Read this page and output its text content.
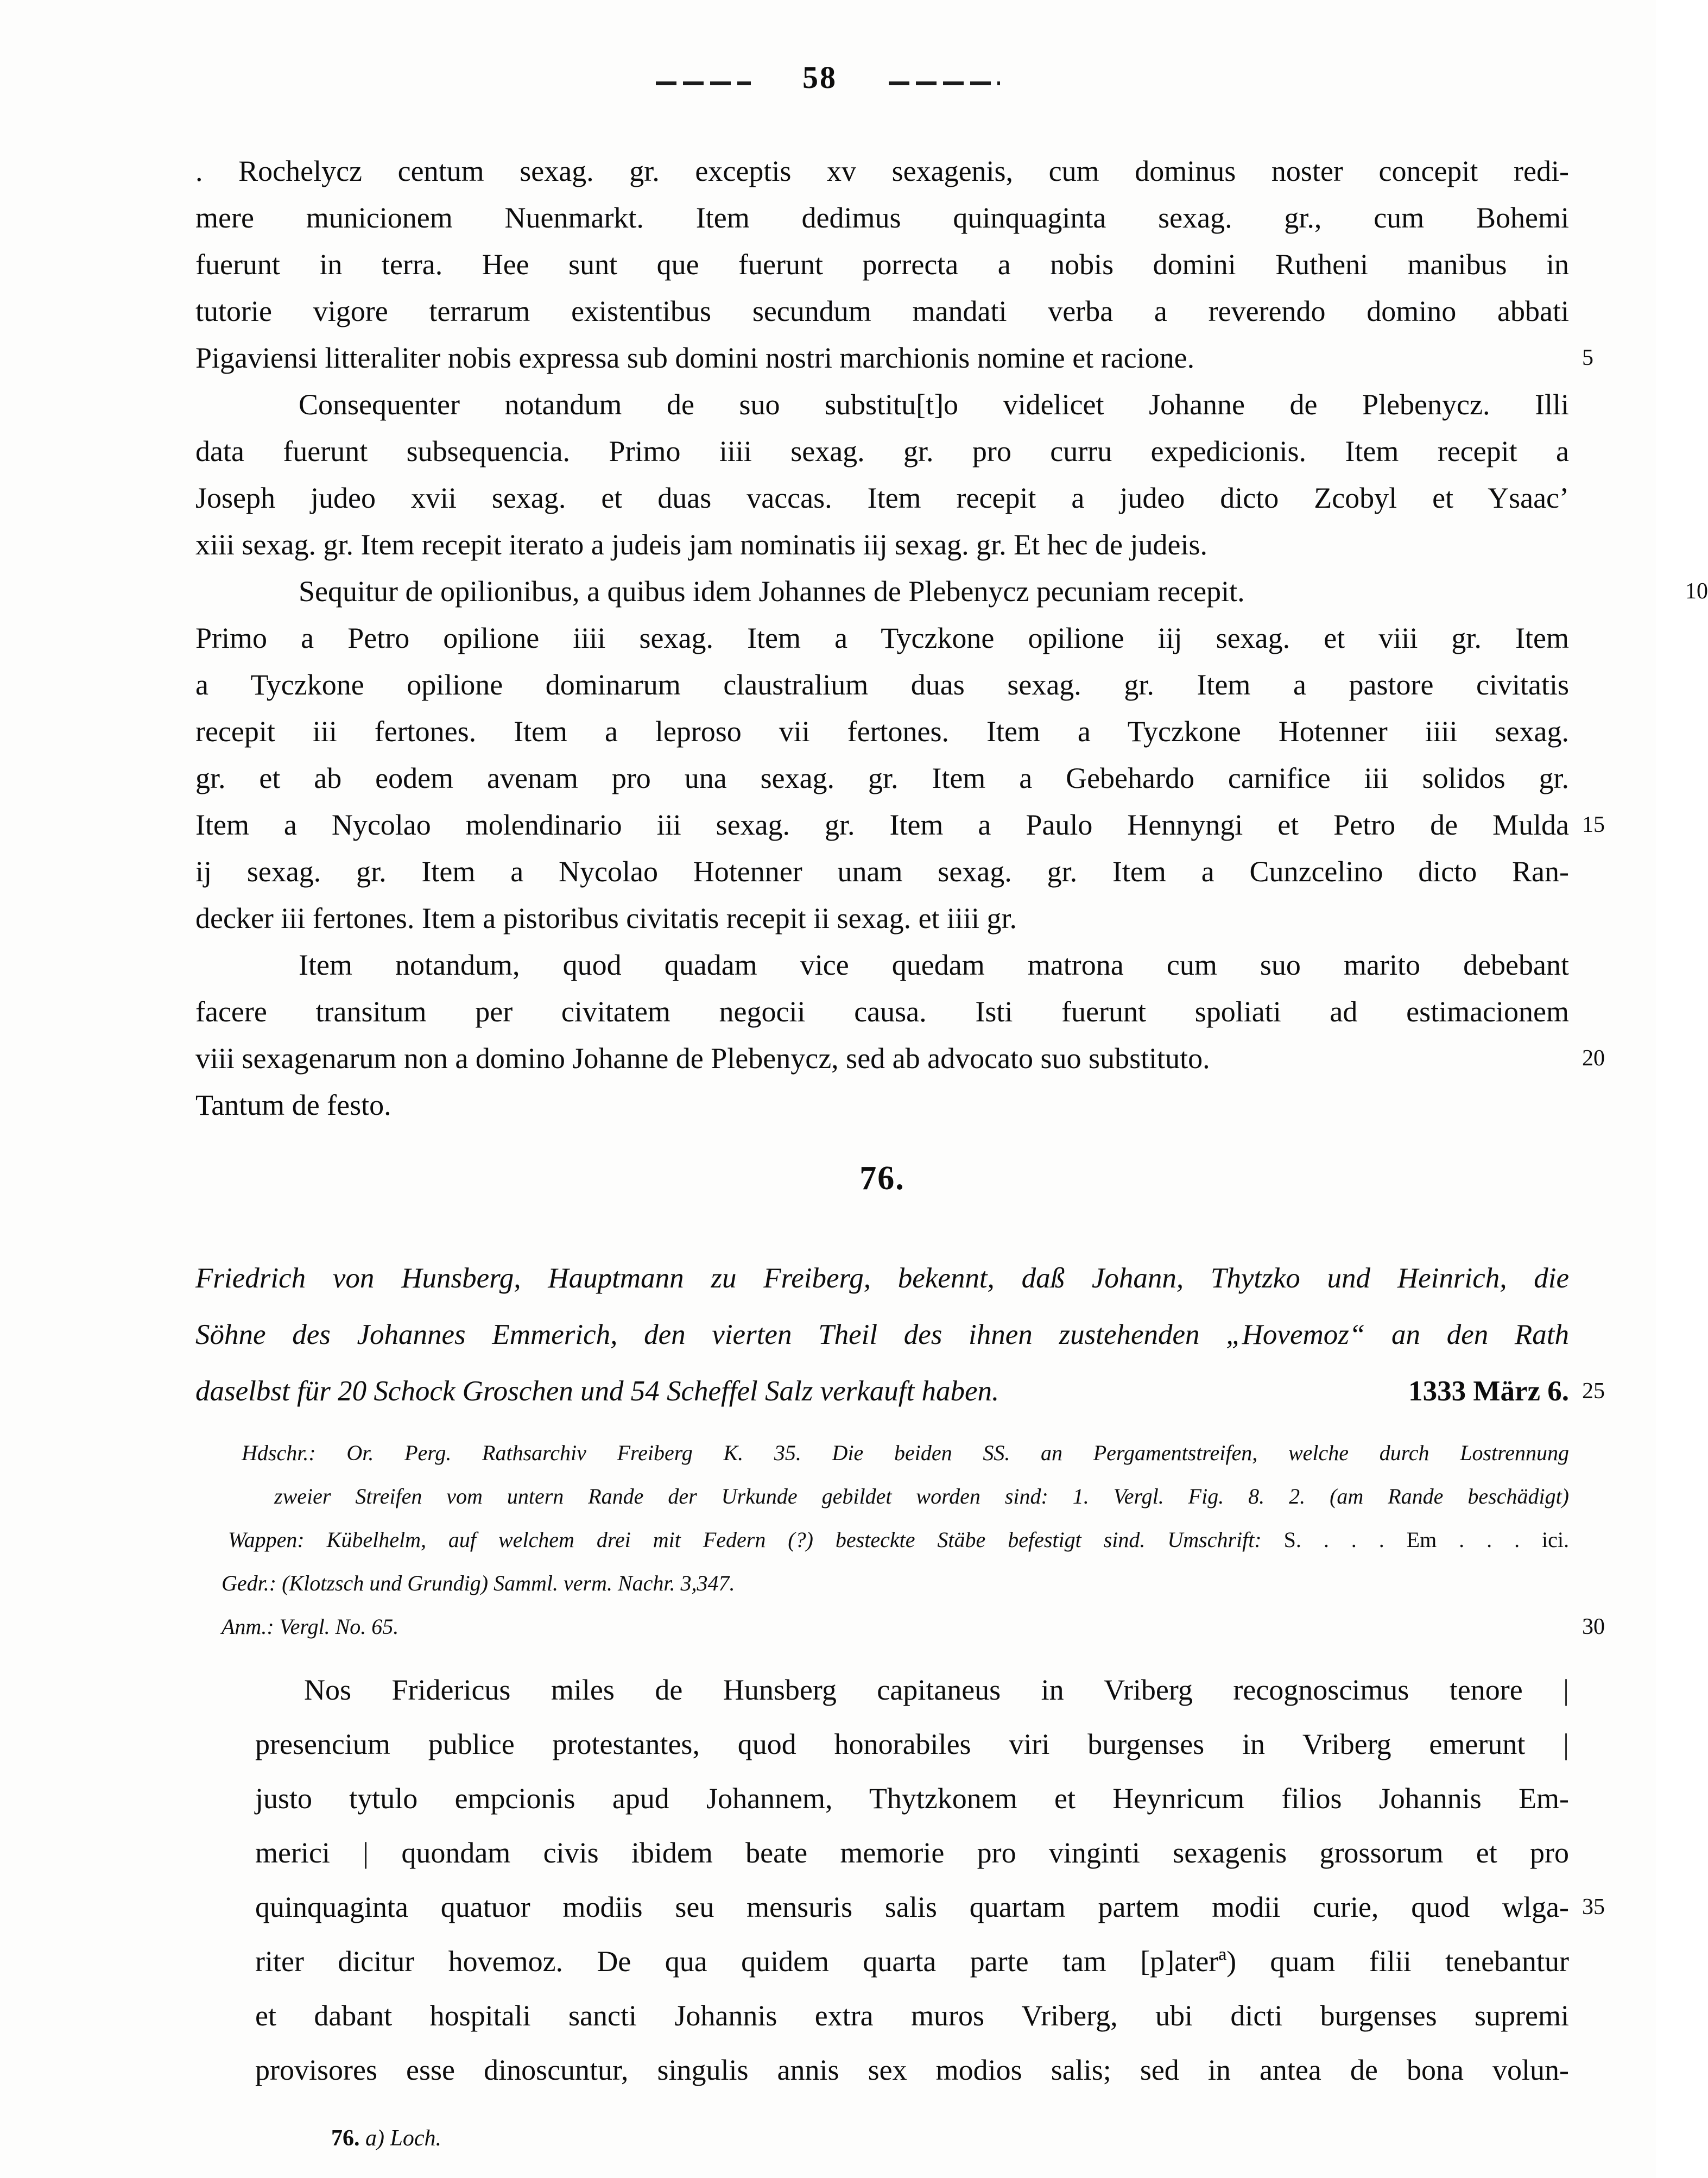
58
. Rochelycz centum sexag. gr. exceptis xv sexagenis, cum dominus noster concepit redi-
mere municionem Nuenmarkt. Item dedimus quinquaginta sexag. gr., cum Bohemi
fuerunt in terra. Hee sunt que fuerunt porrecta a nobis domini Rutheni manibus in
tutorie vigore terrarum existentibus secundum mandati verba a reverendo domino abbati
Pigaviensi litteraliter nobis expressa sub domini nostri marchionis nomine et racione.	5
Consequenter notandum de suo substitu[t]o videlicet Johanne de Plebenycz. Illi
data fuerunt subsequencia. Primo iiii sexag. gr. pro curru expedicionis. Item recepit a
Joseph judeo xvii sexag. et duas vaccas. Item recepit a judeo dicto Zcobyl et Ysaac’
xiii sexag. gr. Item recepit iterato a judeis jam nominatis iij sexag. gr. Et hec de judeis.
Sequitur de opilionibus, a quibus idem Johannes de Plebenycz pecuniam recepit.	10
Primo a Petro opilione iiii sexag. Item a Tyczkone opilione iij sexag. et viii gr. Item
a Tyczkone opilione dominarum claustralium duas sexag. gr. Item a pastore civitatis
recepit iii fertones. Item a leproso vii fertones. Item a Tyczkone Hotenner iiii sexag.
gr. et ab eodem avenam pro una sexag. gr. Item a Gebehardo carnifice iii solidos gr.
Item a Nycolao molendinario iii sexag. gr. Item a Paulo Hennyngi et Petro de Mulda 15
ij sexag. gr. Item a Nycolao Hotenner unam sexag. gr. Item a Cunzcelino dicto Ran-
decker iii fertones. Item a pistoribus civitatis recepit ii sexag. et iiii gr.
Item notandum, quod quadam vice quedam matrona cum suo marito debebant
facere transitum per civitatem negocii causa. Isti fuerunt spoliati ad estimacionem
viii sexagenarum non a domino Johanne de Plebenycz, sed ab advocato suo substituto.	20
Tantum de festo.
76.
Friedrich von Hunsberg, Hauptmann zu Freiberg, bekennt, daß Johann, Thytzko und Heinrich, die
Söhne des Johannes Emmerich, den vierten Theil des ihnen zustehenden „Hovemoz“ an den Rath
daselbst für 20 Schock Groschen und 54 Scheffel Salz verkauft haben.	1333 März 6. 25
Hdschr.: Or. Perg. Rathsarchiv Freiberg K. 35. Die beiden SS. an Pergamentstreifen, welche durch Lostrennung
zweier Streifen vom untern Rande der Urkunde gebildet worden sind: 1. Vergl. Fig. 8. 2. (am Rande beschädigt)
Wappen: Kübelhelm, auf welchem drei mit Federn (?) besteckte Stäbe befestigt sind. Umschrift: S. . . . Em . . . ici.
Gedr.: (Klotzsch und Grundig) Samml. verm. Nachr. 3,347.
Anm.: Vergl. No. 65.	30
Nos Fridericus miles de Hunsberg capitaneus in Vriberg recognoscimus tenore |
presencium publice protestantes, quod honorabiles viri burgenses in Vriberg emerunt |
justo tytulo empcionis apud Johannem, Thytzkonem et Heynricum filios Johannis Em-
merici | quondam civis ibidem beate memorie pro vinginti sexagenis grossorum et pro
quinquaginta quatuor modiis seu mensuris salis quartam partem modii curie, quod wlga- 35
riter dicitur hovemoz. De qua quidem quarta parte tam [p]aterª) quam filii tenebantur
et dabant hospitali sancti Johannis extra muros Vriberg, ubi dicti burgenses supremi
provisores esse dinoscuntur, singulis annis sex modios salis; sed in antea de bona volun-
76. a) Loch.
